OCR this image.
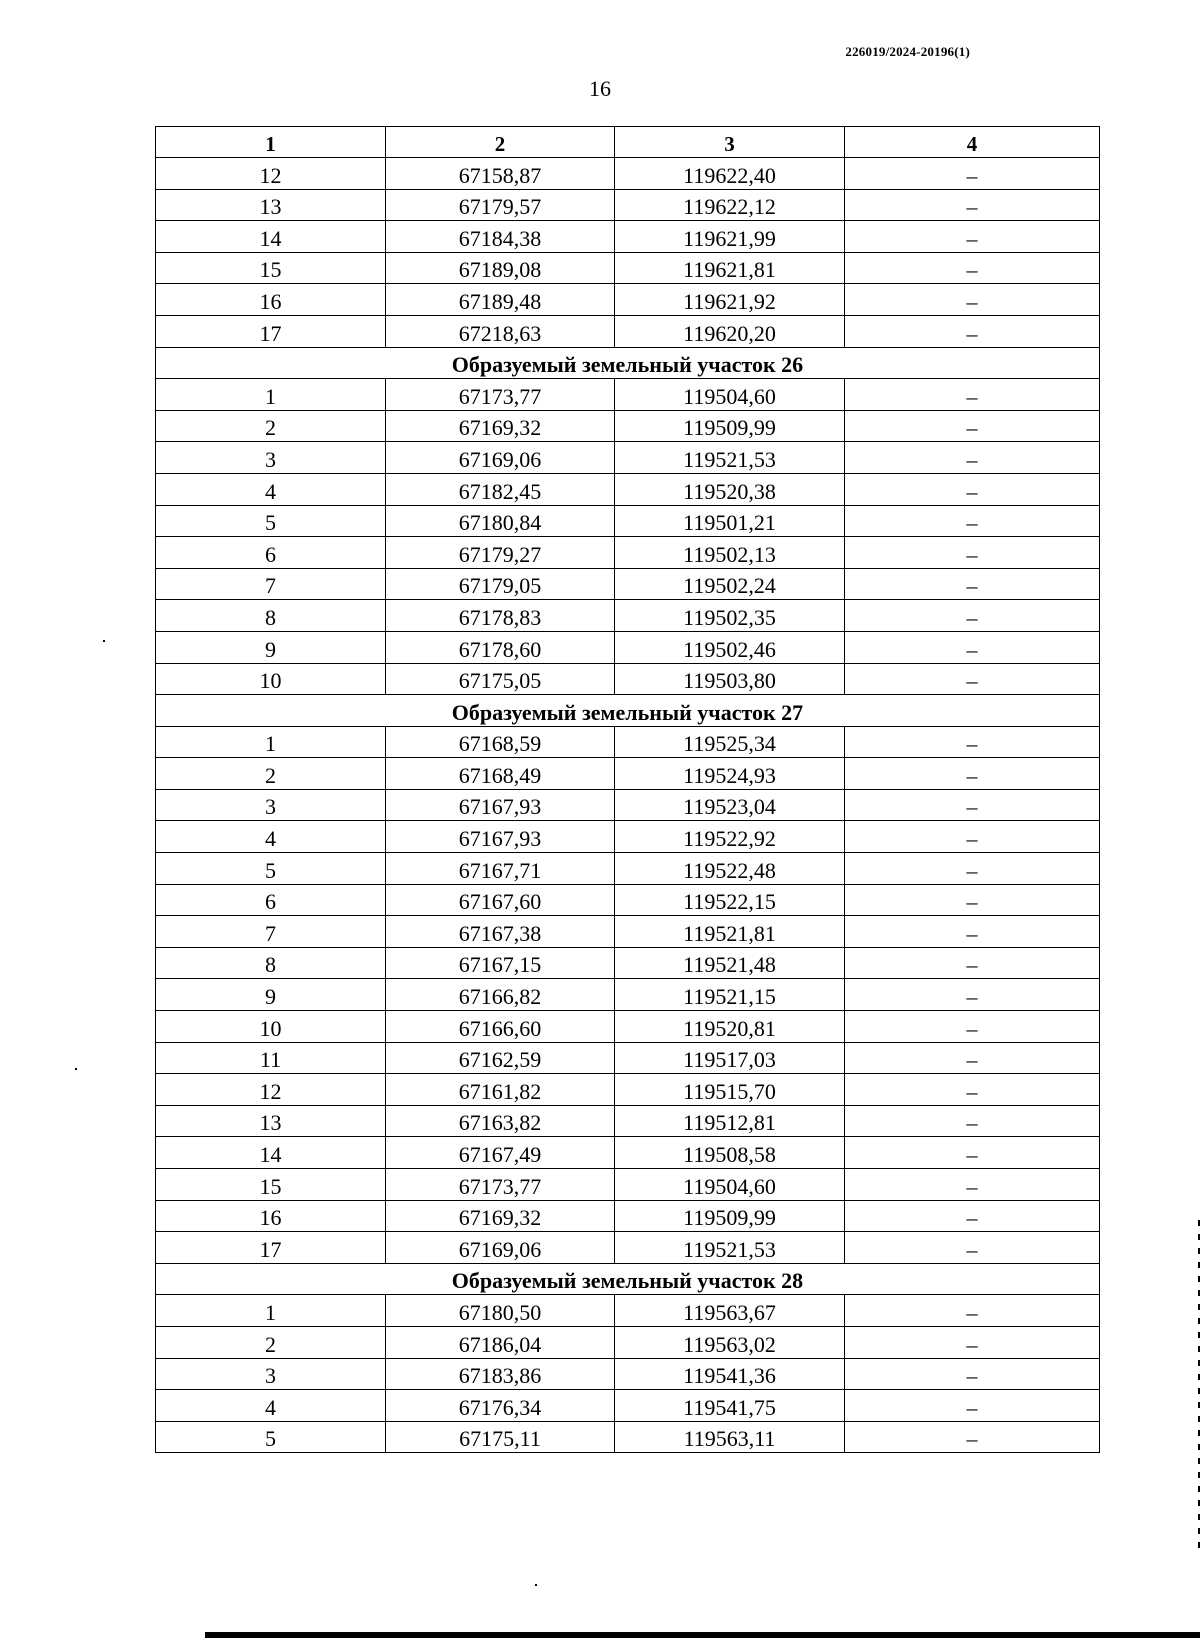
226019/2024-20196(1)
16
1	2	3	4
12	67158,87	119622,40	–
13	67179,57	119622,12	–
14	67184,38	119621,99	–
15	67189,08	119621,81	–
16	67189,48	119621,92	–
17	67218,63	119620,20	–
Образуемый земельный участок 26			
1	67173,77	119504,60	–
2	67169,32	119509,99	–
3	67169,06	119521,53	–
4	67182,45	119520,38	–
5	67180,84	119501,21	–
6	67179,27	119502,13	–
7	67179,05	119502,24	–
8	67178,83	119502,35	–
9	67178,60	119502,46	–
10	67175,05	119503,80	–
Образуемый земельный участок 27			
1	67168,59	119525,34	–
2	67168,49	119524,93	–
3	67167,93	119523,04	–
4	67167,93	119522,92	–
5	67167,71	119522,48	–
6	67167,60	119522,15	–
7	67167,38	119521,81	–
8	67167,15	119521,48	–
9	67166,82	119521,15	–
10	67166,60	119520,81	–
11	67162,59	119517,03	–
12	67161,82	119515,70	–
13	67163,82	119512,81	–
14	67167,49	119508,58	–
15	67173,77	119504,60	–
16	67169,32	119509,99	–
17	67169,06	119521,53	–
Образуемый земельный участок 28			
1	67180,50	119563,67	–
2	67186,04	119563,02	–
3	67183,86	119541,36	–
4	67176,34	119541,75	–
5	67175,11	119563,11	–
